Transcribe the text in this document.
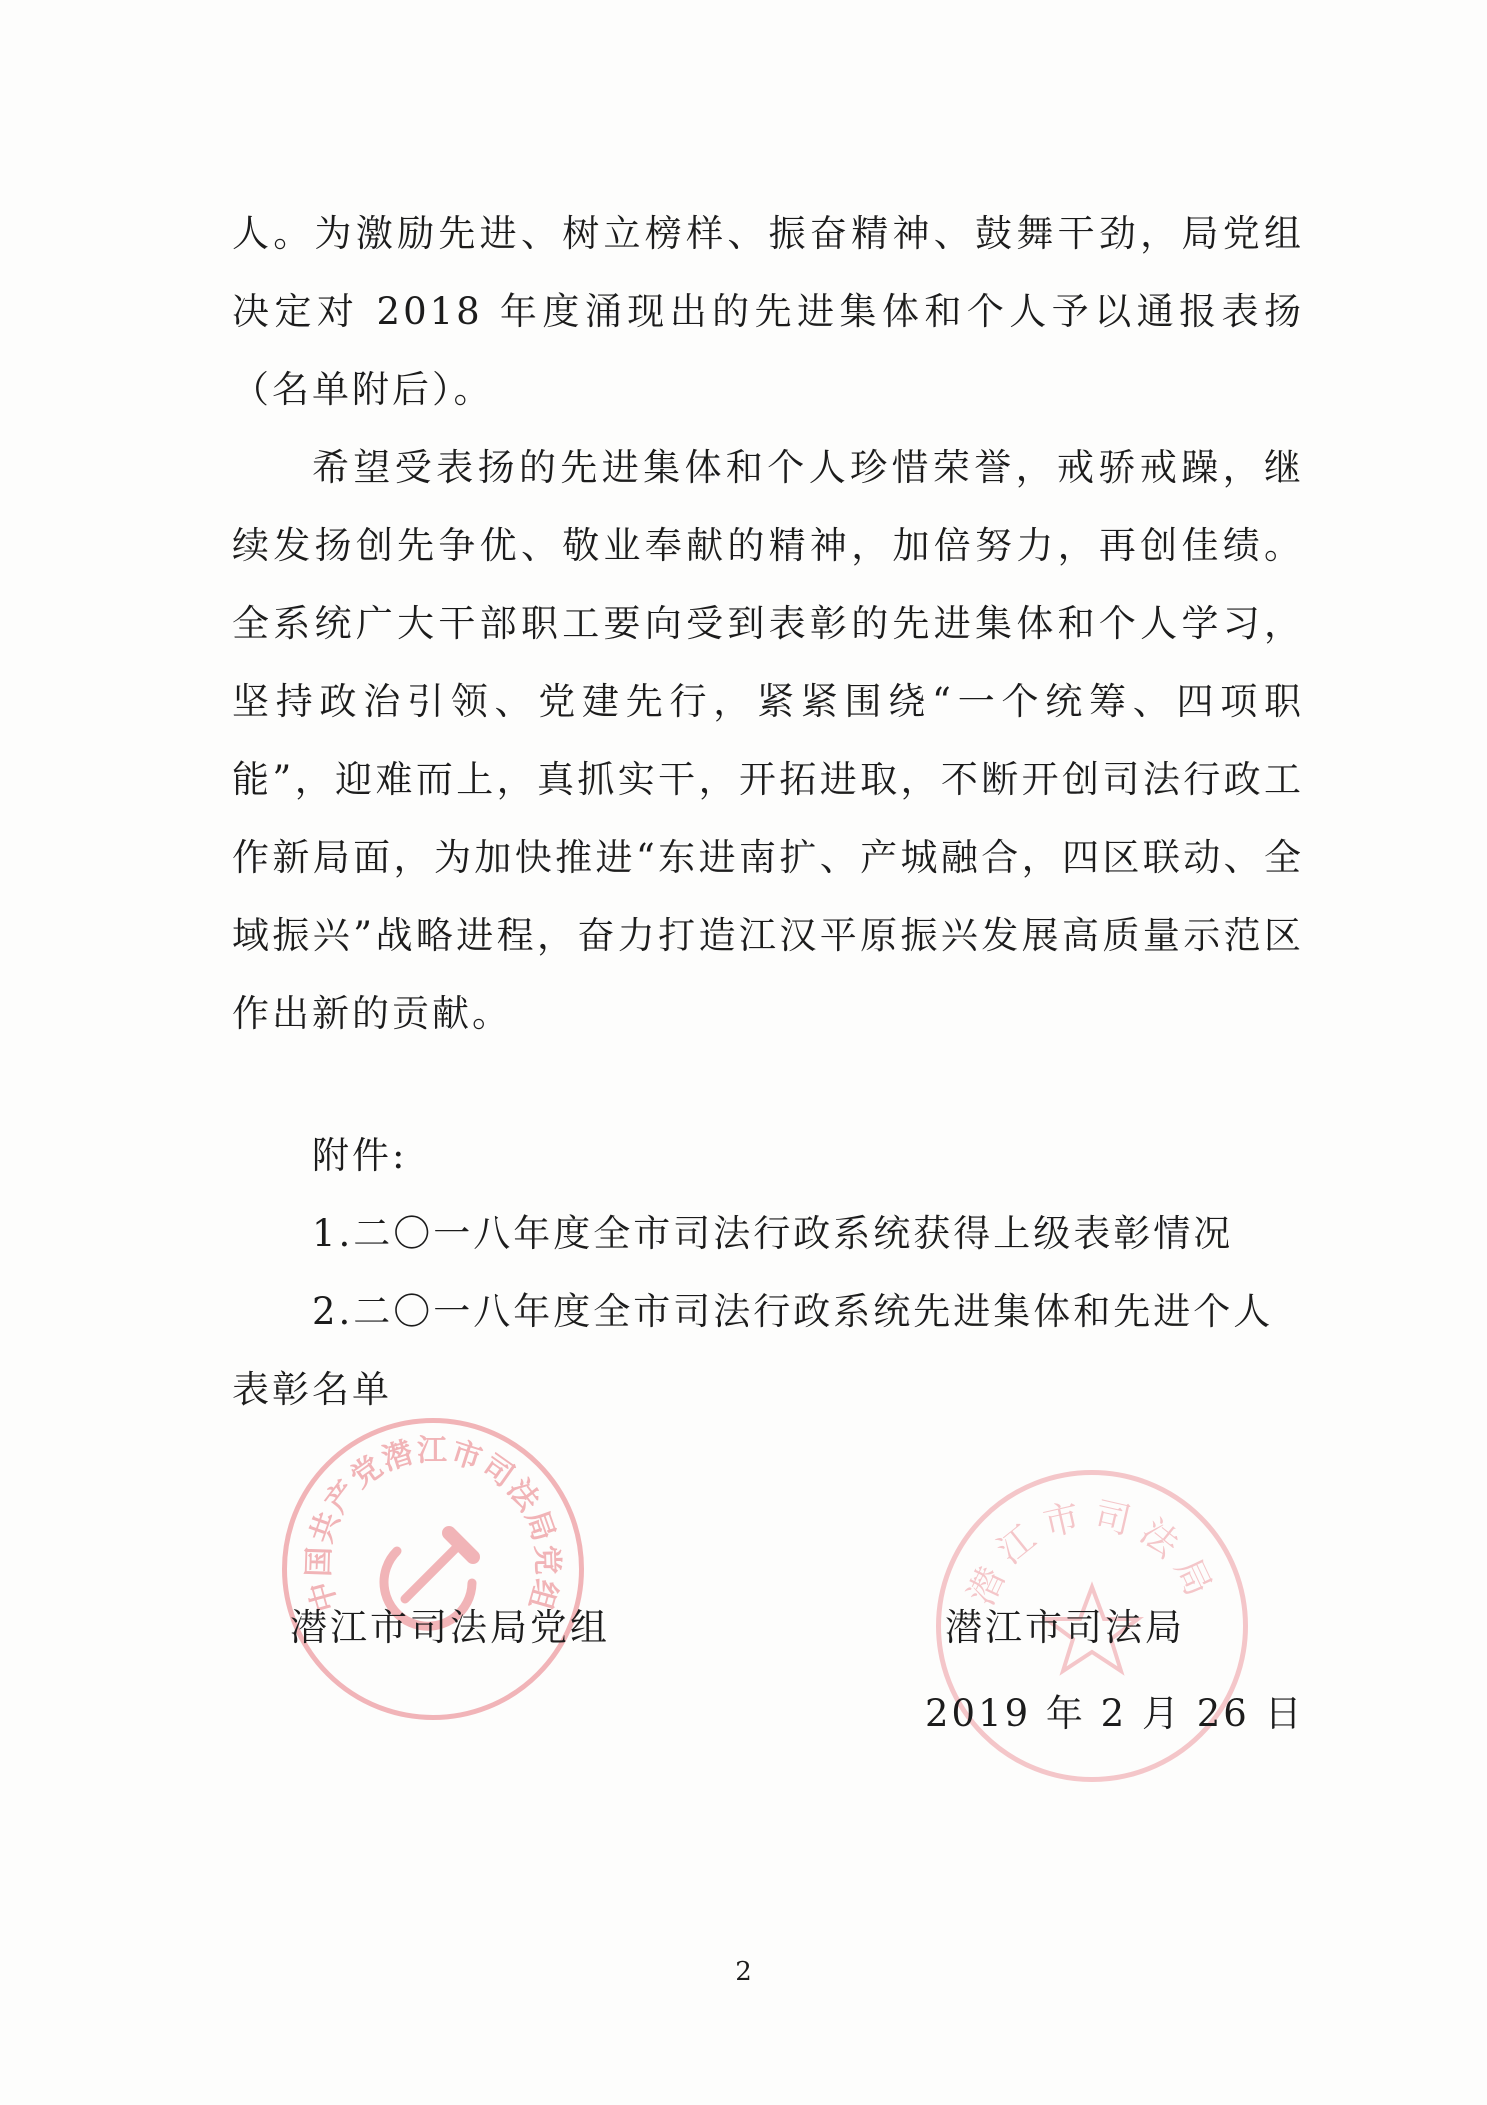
人。为激励先进、树立榜样、振奋精神、鼓舞干劲，局党组决定对 2018 年度涌现出的先进集体和个人予以通报表扬（名单附后）。

希望受表扬的先进集体和个人珍惜荣誉，戒骄戒躁，继续发扬创先争优、敬业奉献的精神，加倍努力，再创佳绩。全系统广大干部职工要向受到表彰的先进集体和个人学习，坚持政治引领、党建先行，紧紧围绕“一个统筹、四项职能”，迎难而上，真抓实干，开拓进取，不断开创司法行政工作新局面，为加快推进“东进南扩、产城融合，四区联动、全域振兴”战略进程，奋力打造江汉平原振兴发展高质量示范区作出新的贡献。

附件:

1.二〇一八年度全市司法行政系统获得上级表彰情况

2.二〇一八年度全市司法行政系统先进集体和先进个人表彰名单

中国共产党潜江市司法局党组	潜江市司法局
潜江市司法局党组	潜江市司法局
2019 年 2 月 26 日
2
